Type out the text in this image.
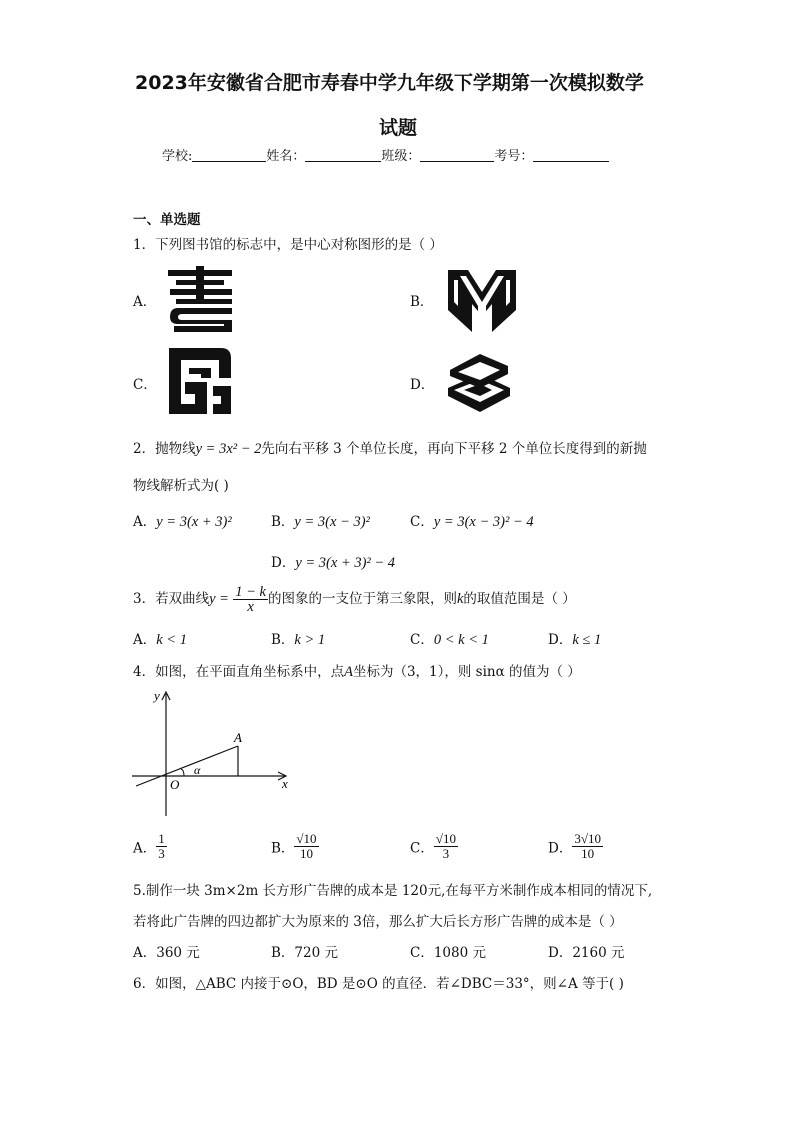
2023年安徽省合肥市寿春中学九年级下学期第一次模拟数学
试题
学校:	姓名：	班级：	考号：
一、单选题
1．下列图书馆的标志中，是中心对称图形的是（ ）
A．	B．
C．	D．
2．抛物线y = 3x² − 2先向右平移 3 个单位长度，再向下平移 2 个单位长度得到的新抛
物线解析式为( )
A．y = 3(x + 3)²	B．y = 3(x − 3)²	C．y = 3(x − 3)² − 4
D．y = 3(x + 3)² − 4
3．若双曲线$y = \frac{1 - k}{x}$ 的图象的一支位于第三象限，则k的取值范围是（ ）
A．k < 1	B．k > 1	C．0 < k < 1	D．k ≤ 1
4．如图，在平面直角坐标系中，点A坐标为（3，1），则 sinα 的值为（ ）
y
x
O
A
α
A． $\frac{1}{3}$	B． $\frac{√10}{10}$	C． $\frac{√10}{3}$	D． $\frac{3√10}{10}$
5.制作一块 3m×2m 长方形广告牌的成本是 120元,在每平方米制作成本相同的情况下,
若将此广告牌的四边都扩大为原来的 3倍，那么扩大后长方形广告牌的成本是（ ）
A．360 元	B．720 元	C．1080 元	D．2160 元
6．如图，△ABC 内接于⊙O，BD 是⊙O 的直径．若∠DBC＝33°，则∠A 等于( )
